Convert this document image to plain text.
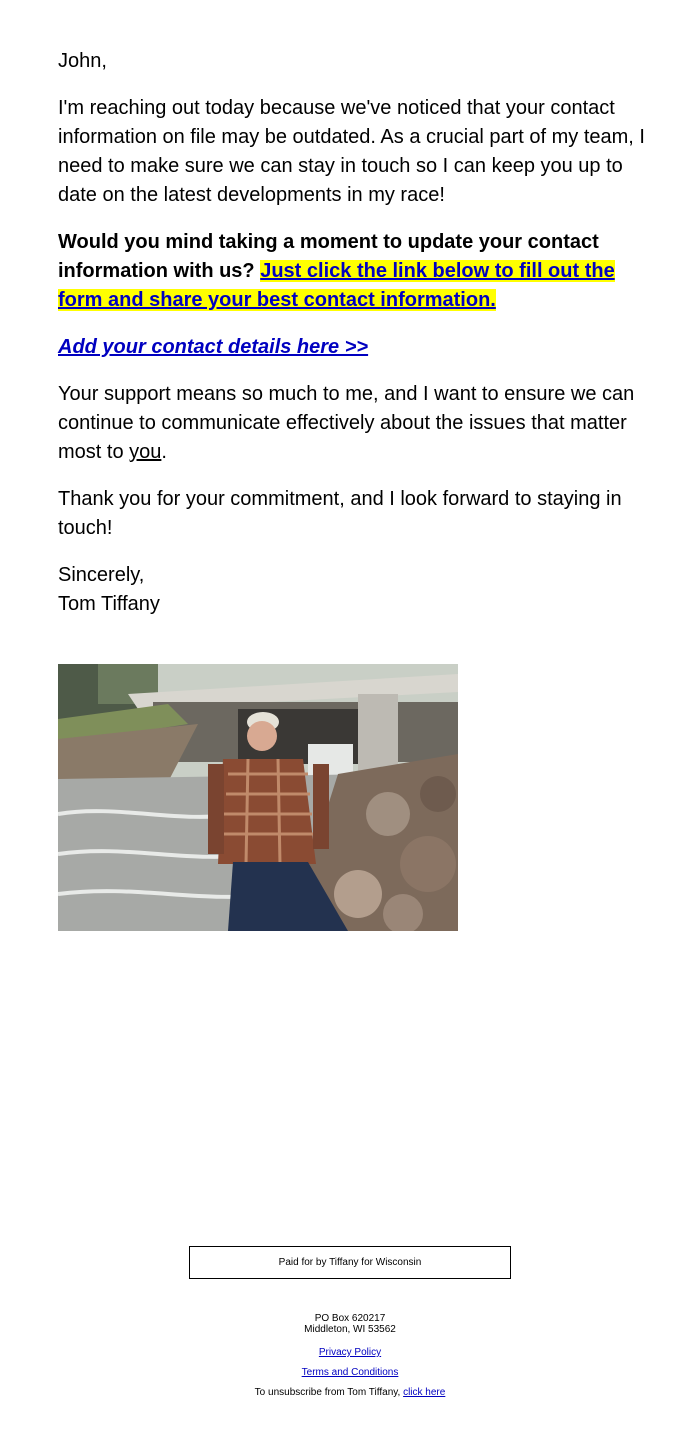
John,

I'm reaching out today because we've noticed that your contact information on file may be outdated. As a crucial part of my team, I need to make sure we can stay in touch so I can keep you up to date on the latest developments in my race!

Would you mind taking a moment to update your contact information with us? Just click the link below to fill out the form and share your best contact information.

Add your contact details here >>

Your support means so much to me, and I want to ensure we can continue to communicate effectively about the issues that matter most to you.

Thank you for your commitment, and I look forward to staying in touch!

Sincerely,
Tom Tiffany

Paid for by Tiffany for Wisconsin
PO Box 620217
Middleton, WI 53562
Privacy Policy
Terms and Conditions
To unsubscribe from Tom Tiffany, click here
